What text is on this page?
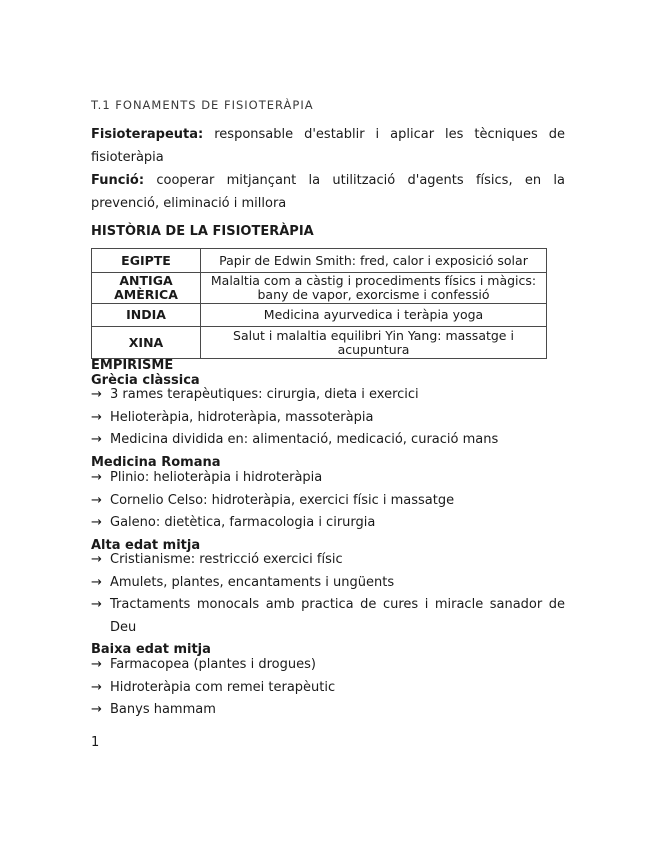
T.1 FONAMENTS DE FISIOTERÀPIA
Fisioterapeuta: responsable d'establir i aplicar les tècniques de fisioteràpia
Funció: cooperar mitjançant la utilització d'agents físics, en la prevenció, eliminació i millora
HISTÒRIA DE LA FISIOTERÀPIA
EGIPTE	Papir de Edwin Smith: fred, calor i exposició solar
ANTIGA AMÈRICA	Malaltia com a càstig i procediments físics i màgics: bany de vapor, exorcisme i confessió
INDIA	Medicina ayurvedica i teràpia yoga
XINA	Salut i malaltia equilibri Yin Yang: massatge i acupuntura
EMPIRISME
Grècia clàssica
→ 3 rames terapèutiques: cirurgia, dieta i exercici
→ Helioteràpia, hidroteràpia, massoteràpia
→ Medicina dividida en: alimentació, medicació, curació mans
Medicina Romana
→ Plinio: helioteràpia i hidroteràpia
→ Cornelio Celso: hidroteràpia, exercici físic i massatge
→ Galeno: dietètica, farmacologia i cirurgia
Alta edat mitja
→ Cristianisme: restricció exercici físic
→ Amulets, plantes, encantaments i ungüents
→ Tractaments monocals amb practica de cures i miracle sanador de Deu
Baixa edat mitja
→ Farmacopea (plantes i drogues)
→ Hidroteràpia com remei terapèutic
→ Banys hammam
1
